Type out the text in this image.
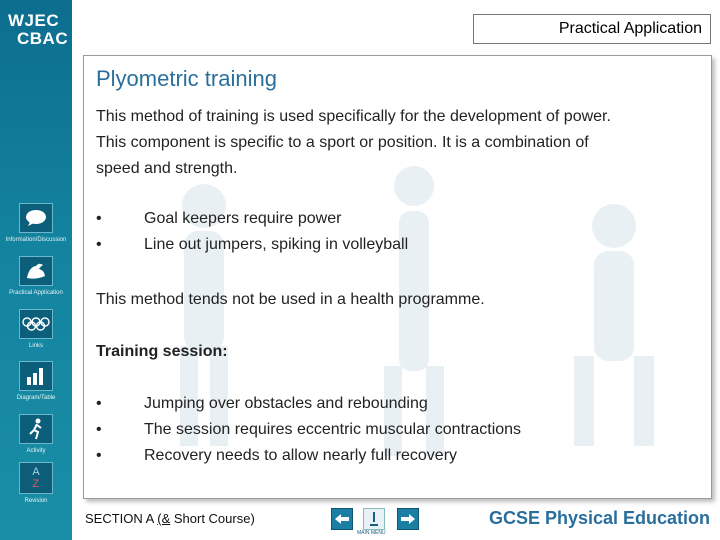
WJEC
CBAC
Information/Discussion
Practical Application
Links
Diagram/Table
Activity
A
Z
Revision
Practical Application
Plyometric training
This method of training is used specifically for the development of power. This component is specific to a sport or position. It is a combination of speed and strength.
•	Goal keepers require power
•	Line out jumpers, spiking in volleyball
This method tends not be used in a health programme.
Training session:
•	Jumping over obstacles and rebounding
•	The session requires eccentric muscular contractions
•	Recovery needs to allow nearly full recovery
SECTION A (& Short Course)
MAIN MENU
GCSE Physical Education
